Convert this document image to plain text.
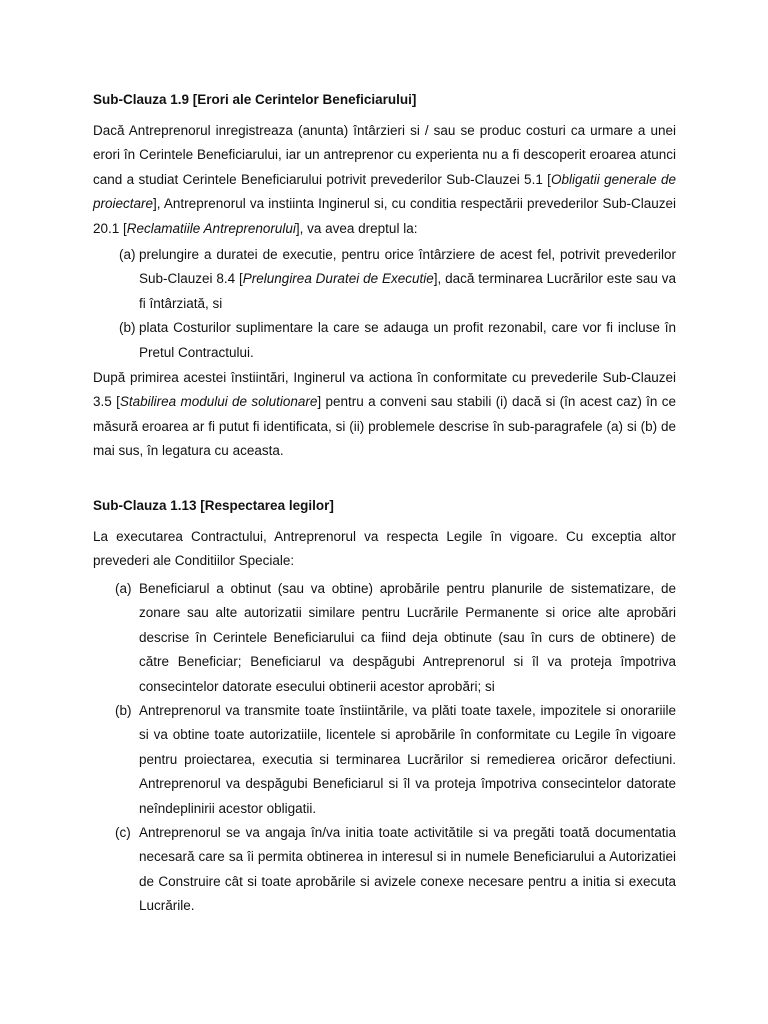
Sub-Clauza 1.9 [Erori ale Cerintelor Beneficiarului]

Dacă Antreprenorul inregistreaza (anunta) întârzieri si / sau se produc costuri ca urmare a unei erori în Cerintele Beneficiarului, iar un antreprenor cu experienta nu a fi descoperit eroarea atunci cand a studiat Cerintele Beneficiarului potrivit prevederilor Sub-Clauzei 5.1 [Obligatii generale de proiectare], Antreprenorul va instiinta Inginerul si, cu conditia respectării prevederilor Sub-Clauzei 20.1 [Reclamatiile Antreprenorului], va avea dreptul la:

(a) prelungire a duratei de executie, pentru orice întârziere de acest fel, potrivit prevederilor Sub-Clauzei 8.4 [Prelungirea Duratei de Executie], dacă terminarea Lucrărilor este sau va fi întârziată, si
(b) plata Costurilor suplimentare la care se adauga un profit rezonabil, care vor fi incluse în Pretul Contractului.

După primirea acestei înstiintări, Inginerul va actiona în conformitate cu prevederile Sub-Clauzei 3.5 [Stabilirea modului de solutionare] pentru a conveni sau stabili (i) dacă si (în acest caz) în ce măsură eroarea ar fi putut fi identificata, si (ii) problemele descrise în sub-paragrafele (a) si (b) de mai sus, în legatura cu aceasta.

Sub-Clauza 1.13 [Respectarea legilor]

La executarea Contractului, Antreprenorul va respecta Legile în vigoare. Cu exceptia altor prevederi ale Conditiilor Speciale:

(a) Beneficiarul a obtinut (sau va obtine) aprobările pentru planurile de sistematizare, de zonare sau alte autorizatii similare pentru Lucrările Permanente si orice alte aprobări descrise în Cerintele Beneficiarului ca fiind deja obtinute (sau în curs de obtinere) de către Beneficiar; Beneficiarul va despăgubi Antreprenorul si îl va proteja împotriva consecintelor datorate esecului obtinerii acestor aprobări; si
(b) Antreprenorul va transmite toate înstiintările, va plăti toate taxele, impozitele si onorariile si va obtine toate autorizatiile, licentele si aprobările în conformitate cu Legile în vigoare pentru proiectarea, executia si terminarea Lucrărilor si remedierea oricăror defectiuni. Antreprenorul va despăgubi Beneficiarul si îl va proteja împotriva consecintelor datorate neîndeplinirii acestor obligatii.
(c) Antreprenorul se va angaja în/va initia toate activitătile si va pregăti toată documentatia necesară care sa îi permita obtinerea in interesul si in numele Beneficiarului a Autorizatiei de Construire cât si toate aprobările si avizele conexe necesare pentru a initia si executa Lucrările.
